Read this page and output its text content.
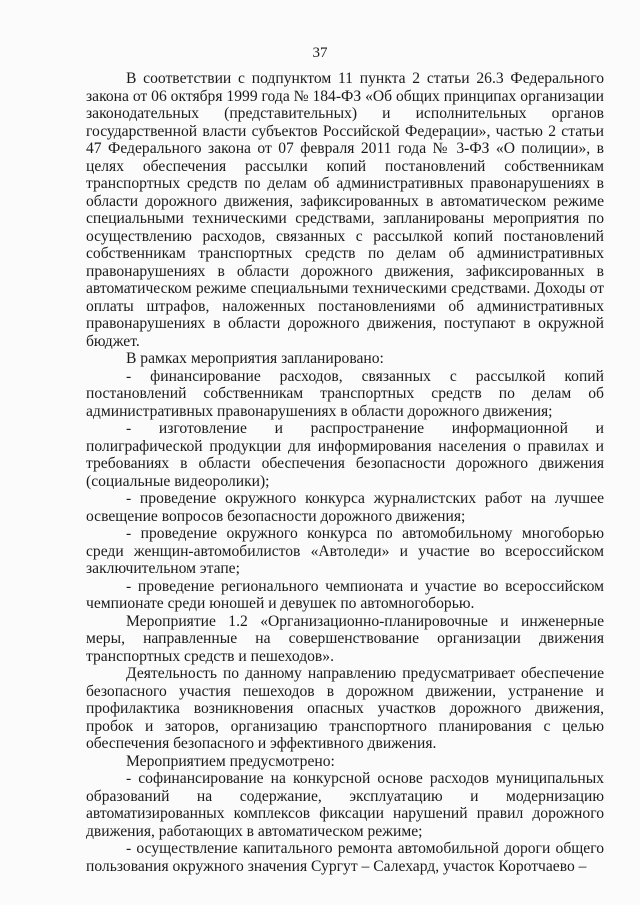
37

В соответствии с подпунктом 11 пункта 2 статьи 26.3 Федерального закона от 06 октября 1999 года № 184-ФЗ «Об общих принципах организации законодательных (представительных) и исполнительных органов государственной власти субъектов Российской Федерации», частью 2 статьи 47 Федерального закона от 07 февраля 2011 года № 3-ФЗ «О полиции», в целях обеспечения рассылки копий постановлений собственникам транспортных средств по делам об административных правонарушениях в области дорожного движения, зафиксированных в автоматическом режиме специальными техническими средствами, запланированы мероприятия по осуществлению расходов, связанных с рассылкой копий постановлений собственникам транспортных средств по делам об административных правонарушениях в области дорожного движения, зафиксированных в автоматическом режиме специальными техническими средствами. Доходы от оплаты штрафов, наложенных постановлениями об административных правонарушениях в области дорожного движения, поступают в окружной бюджет.

В рамках мероприятия запланировано:

- финансирование расходов, связанных с рассылкой копий постановлений собственникам транспортных средств по делам об административных правонарушениях в области дорожного движения;

- изготовление и распространение информационной и полиграфической продукции для информирования населения о правилах и требованиях в области обеспечения безопасности дорожного движения (социальные видеоролики);

- проведение окружного конкурса журналистских работ на лучшее освещение вопросов безопасности дорожного движения;

- проведение окружного конкурса по автомобильному многоборью среди женщин-автомобилистов «Автоледи» и участие во всероссийском заключительном этапе;

- проведение регионального чемпионата и участие во всероссийском чемпионате среди юношей и девушек по автомногоборью.

Мероприятие 1.2 «Организационно-планировочные и инженерные меры, направленные на совершенствование организации движения транспортных средств и пешеходов».

Деятельность по данному направлению предусматривает обеспечение безопасного участия пешеходов в дорожном движении, устранение и профилактика возникновения опасных участков дорожного движения, пробок и заторов, организацию транспортного планирования с целью обеспечения безопасного и эффективного движения.

Мероприятием предусмотрено:

- софинансирование на конкурсной основе расходов муниципальных образований на содержание, эксплуатацию и модернизацию автоматизированных комплексов фиксации нарушений правил дорожного движения, работающих в автоматическом режиме;

- осуществление капитального ремонта автомобильной дороги общего пользования окружного значения Сургут – Салехард, участок Коротчаево –
